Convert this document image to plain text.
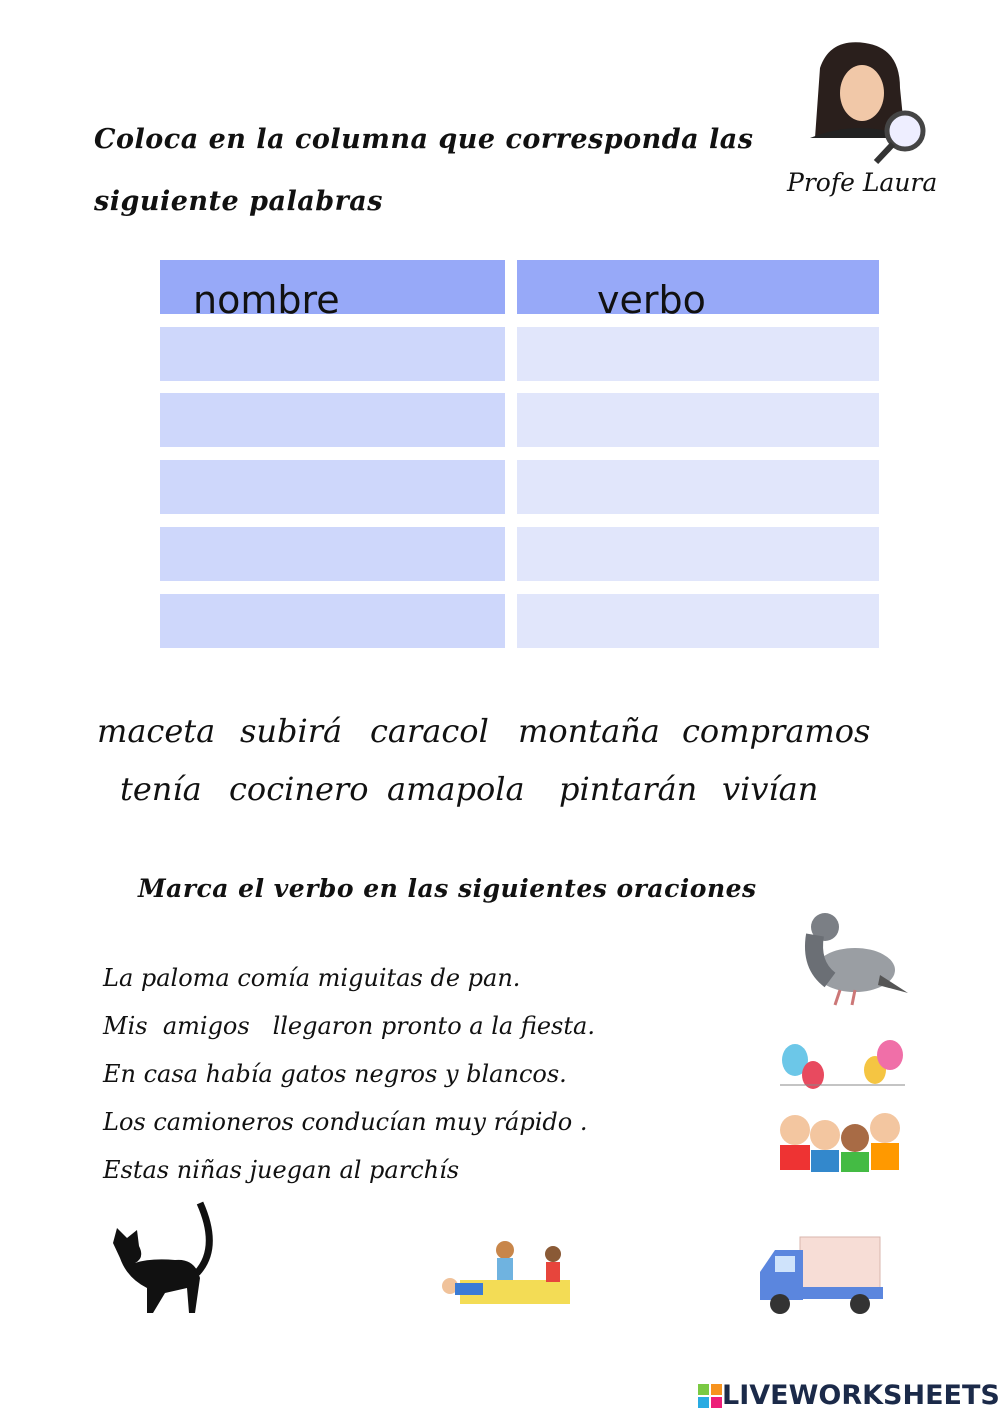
Coloca en la columna que corresponda las
siguiente palabras
Profe Laura
nombre	verbo
maceta subirá caracol montaña compramos
tenía cocinero amapola pintarán vivían
Marca el verbo en las siguientes oraciones
La paloma comía miguitas de pan.
Mis  amigos   llegaron pronto a la fiesta.
En casa había gatos negros y blancos.
Los camioneros conducían muy rápido .
Estas niñas juegan al parchís
LIVEWORKSHEETS
